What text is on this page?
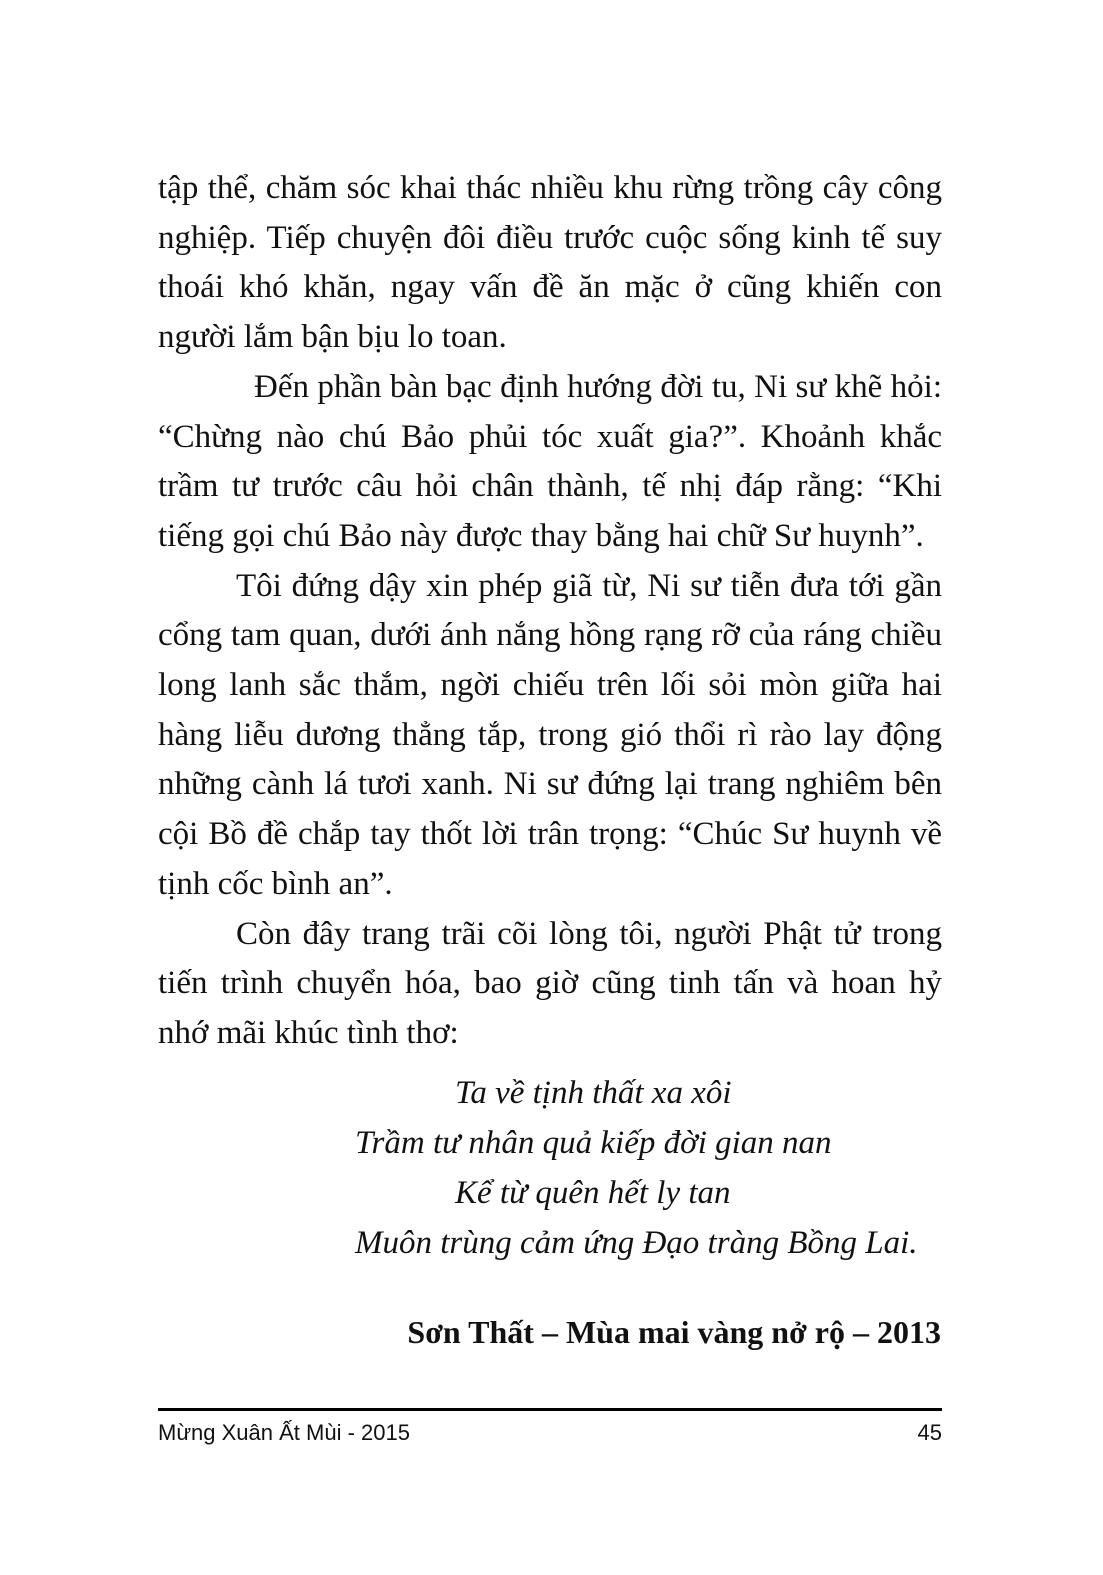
tập thể, chăm sóc khai thác nhiều khu rừng trồng cây công nghiệp. Tiếp chuyện đôi điều trước cuộc sống kinh tế suy thoái khó khăn, ngay vấn đề ăn mặc ở cũng khiến con người lắm bận bịu lo toan.

Đến phần bàn bạc định hướng đời tu, Ni sư khẽ hỏi: “Chừng nào chú Bảo phủi tóc xuất gia?”. Khoảnh khắc trầm tư trước câu hỏi chân thành, tế nhị đáp rằng: “Khi tiếng gọi chú Bảo này được thay bằng hai chữ Sư huynh”.

Tôi đứng dậy xin phép giã từ, Ni sư tiễn đưa tới gần cổng tam quan, dưới ánh nắng hồng rạng rỡ của ráng chiều long lanh sắc thắm, ngời chiếu trên lối sỏi mòn giữa hai hàng liễu dương thẳng tắp, trong gió thổi rì rào lay động những cành lá tươi xanh. Ni sư đứng lại trang nghiêm bên cội Bồ đề chắp tay thốt lời trân trọng: “Chúc Sư huynh về tịnh cốc bình an”.

Còn đây trang trãi cõi lòng tôi, người Phật tử trong tiến trình chuyển hóa, bao giờ cũng tinh tấn và hoan hỷ nhớ mãi khúc tình thơ:

Ta về tịnh thất xa xôi
Trầm tư nhân quả kiếp đời gian nan
Kể từ quên hết ly tan
Muôn trùng cảm ứng Đạo tràng Bồng Lai.
Sơn Thất – Mùa mai vàng nở rộ – 2013
Mừng Xuân Ất Mùi - 2015	45
